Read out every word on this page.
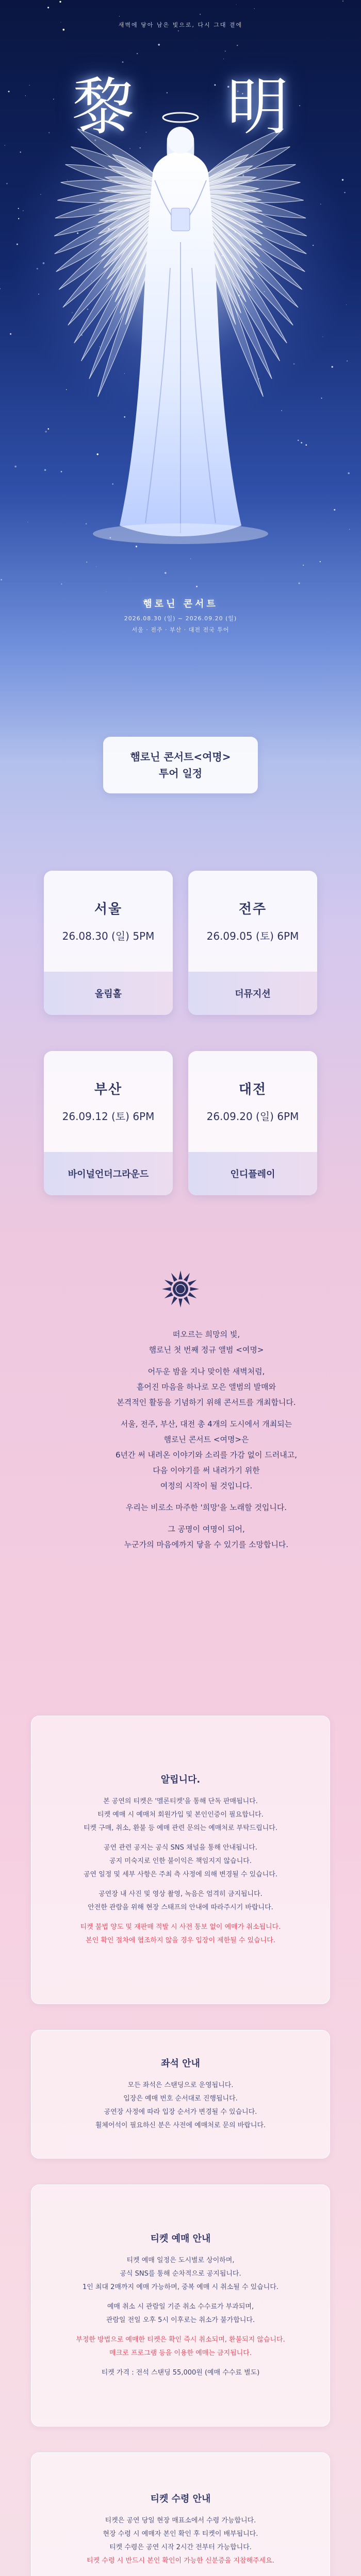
새벽에 닿아 남은 빛으로, 다시 그대 곁에
黎 明
햄로닌 콘서트
2026.08.30 (일) ~ 2026.09.20 (일)
서울 · 전주 · 부산 · 대전 전국 투어
햄로닌 콘서트<여명>
투어 일정
서울
26.08.30 (일) 5PM
올림홀
전주
26.09.05 (토) 6PM
더뮤지션
부산
26.09.12 (토) 6PM
바이널언더그라운드
대전
26.09.20 (일) 6PM
인디플레이

떠오르는 희망의 빛,

햄로닌 첫 번째 정규 앨범 <여명>

어두운 밤을 지나 맞이한 새벽처럼,

흩어진 마음을 하나로 모은 앨범의 발매와

본격적인 활동을 기념하기 위해 콘서트를 개최합니다.

서울, 전주, 부산, 대전 총 4개의 도시에서 개최되는

햄로닌 콘서트 <여명>은

6년간 써 내려온 이야기와 소리를 가감 없이 드러내고,

다음 이야기를 써 내려가기 위한

여정의 시작이 될 것입니다.

우리는 비로소 마주한 '희망'을 노래할 것입니다.

그 공명이 여명이 되어,

누군가의 마음에까지 닿을 수 있기를 소망합니다.

알립니다.

본 공연의 티켓은 '멜론티켓'을 통해 단독 판매됩니다.

티켓 예매 시 예매처 회원가입 및 본인인증이 필요합니다.

티켓 구매, 취소, 환불 등 예매 관련 문의는 예매처로 부탁드립니다.

공연 관련 공지는 공식 SNS 채널을 통해 안내됩니다.

공지 미숙지로 인한 불이익은 책임지지 않습니다.

공연 일정 및 세부 사항은 주최 측 사정에 의해 변경될 수 있습니다.

공연장 내 사진 및 영상 촬영, 녹음은 엄격히 금지됩니다.

안전한 관람을 위해 현장 스태프의 안내에 따라주시기 바랍니다.

티켓 불법 양도 및 재판매 적발 시 사전 통보 없이 예매가 취소됩니다.

본인 확인 절차에 협조하지 않을 경우 입장이 제한될 수 있습니다.

좌석 안내

모든 좌석은 스탠딩으로 운영됩니다.

입장은 예매 번호 순서대로 진행됩니다.

공연장 사정에 따라 입장 순서가 변경될 수 있습니다.

휠체어석이 필요하신 분은 사전에 예매처로 문의 바랍니다.

티켓 예매 안내

티켓 예매 일정은 도시별로 상이하며,

공식 SNS를 통해 순차적으로 공지됩니다.

1인 최대 2매까지 예매 가능하며, 중복 예매 시 취소될 수 있습니다.

예매 취소 시 관람일 기준 취소 수수료가 부과되며,

관람일 전일 오후 5시 이후로는 취소가 불가합니다.

부정한 방법으로 예매한 티켓은 확인 즉시 취소되며, 환불되지 않습니다.

매크로 프로그램 등을 이용한 예매는 금지됩니다.

티켓 가격 : 전석 스탠딩 55,000원 (예매 수수료 별도)

티켓 수령 안내

티켓은 공연 당일 현장 매표소에서 수령 가능합니다.

현장 수령 시 예매자 본인 확인 후 티켓이 배부됩니다.

티켓 수령은 공연 시작 2시간 전부터 가능합니다.

티켓 수령 시 반드시 본인 확인이 가능한 신분증을 지참해주세요.
